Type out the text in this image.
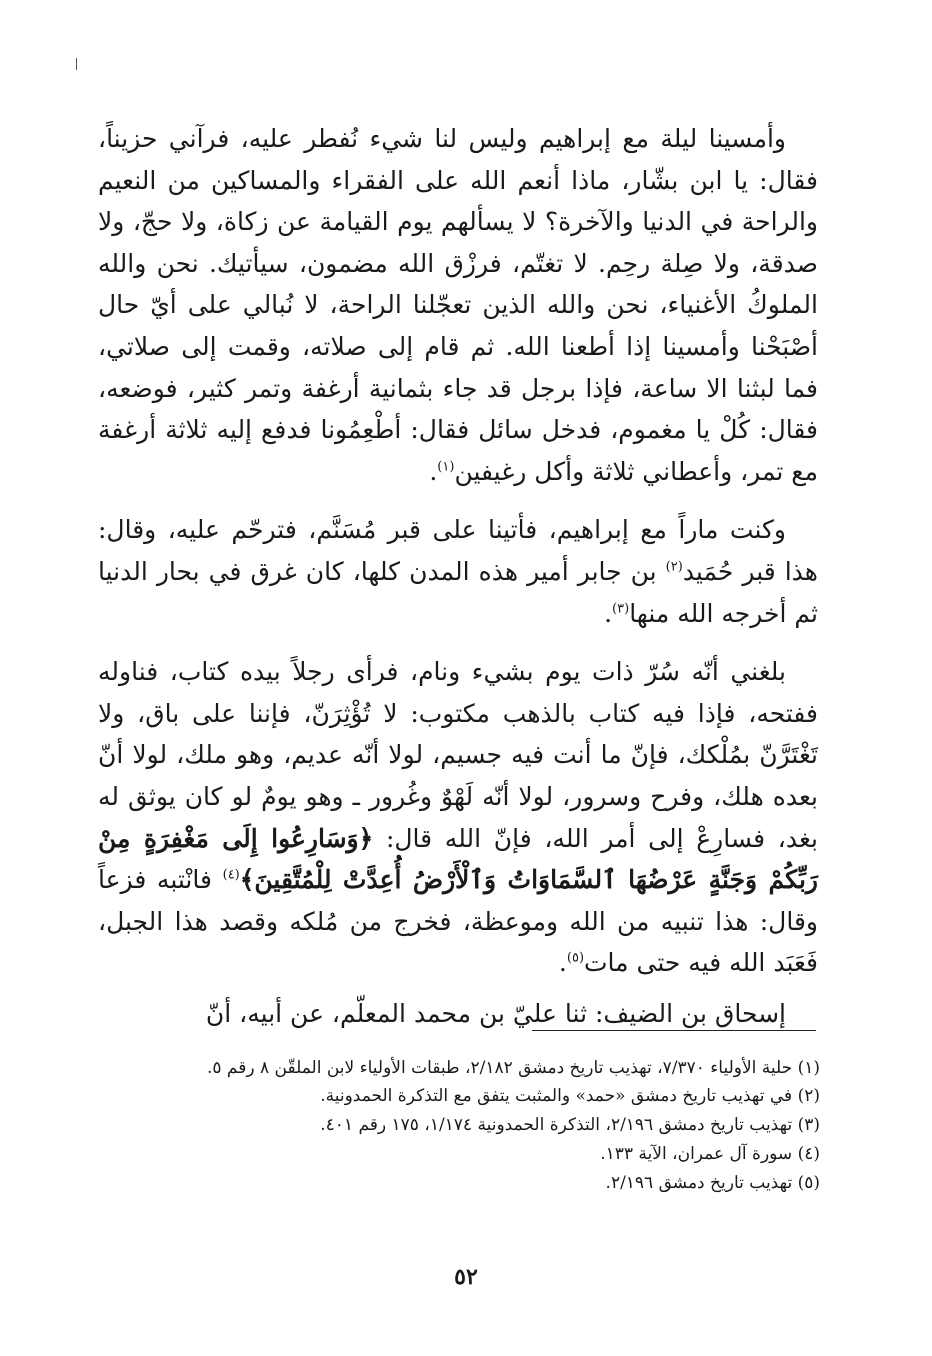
وأمسينا ليلة مع إبراهيم وليس لنا شيء نُفطر عليه، فرآني حزيناً، فقال: يا ابن بشّار، ماذا أنعم الله على الفقراء والمساكين من النعيم والراحة في الدنيا والآخرة؟ لا يسألهم يوم القيامة عن زكاة، ولا حجّ، ولا صدقة، ولا صِلة رحِم. لا تغتّم، فرزْق الله مضمون، سيأتيك. نحن والله الملوكُ الأغنياء، نحن والله الذين تعجّلنا الراحة، لا نُبالي على أيّ حال أصْبَحْنا وأمسينا إذا أطعنا الله. ثم قام إلى صلاته، وقمت إلى صلاتي، فما لبثنا الا ساعة، فإذا برجل قد جاء بثمانية أرغفة وتمر كثير، فوضعه، فقال: كُلْ يا مغموم، فدخل سائل فقال: أطْعِمُونا فدفع إليه ثلاثة أرغفة مع تمر، وأعطاني ثلاثة وأكل رغيفين$^{(١)}$.

وكنت ماراً مع إبراهيم، فأتينا على قبر مُسَنَّم، فترحّم عليه، وقال: هذا قبر حُمَيد$^{(٢)}$ بن جابر أمير هذه المدن كلها، كان غرق في بحار الدنيا ثم أخرجه الله منها$^{(٣)}$.

بلغني أنّه سُرّ ذات يوم بشيء ونام، فرأى رجلاً بيده كتاب، فناوله ففتحه، فإذا فيه كتاب بالذهب مكتوب: لا تُؤْثِرَنّ، فإننا على باق، ولا تَغْتَرَّنّ بمُلْكك، فإنّ ما أنت فيه جسيم، لولا أنّه عديم، وهو ملك، لولا أنّ بعده هلك، وفرح وسرور، لولا أنّه لَهْوٌ وغُرور ـ وهو يومٌ لو كان يوثق له بغد، فسارِعْ إلى أمر الله، فإنّ الله قال: ﴿وَسَارِعُوا إِلَى مَغْفِرَةٍ مِنْ رَبِّكُمْ وَجَنَّةٍ عَرْضُهَا ٱلسَّمَاوَاتُ وَٱلْأَرْضُ أُعِدَّتْ لِلْمُتَّقِينَ﴾$^{(٤)}$ فانْتبه فزعاً وقال: هذا تنبيه من الله وموعظة، فخرج من مُلكه وقصد هذا الجبل، فَعَبَد الله فيه حتى مات$^{(٥)}$.

إسحاق بن الضيف: ثنا عليّ بن محمد المعلّم، عن أبيه، أنّ

(١) حلية الأولياء ٧/٣٧٠، تهذيب تاريخ دمشق ٢/١٨٢، طبقات الأولياء لابن الملقّن ٨ رقم ٥.

(٢) في تهذيب تاريخ دمشق «حمد» والمثبت يتفق مع التذكرة الحمدونية.

(٣) تهذيب تاريخ دمشق ٢/١٩٦، التذكرة الحمدونية ١/١٧٤، ١٧٥ رقم ٤٠١.

(٤) سورة آل عمران، الآية ١٣٣.

(٥) تهذيب تاريخ دمشق ٢/١٩٦.

٥٢
